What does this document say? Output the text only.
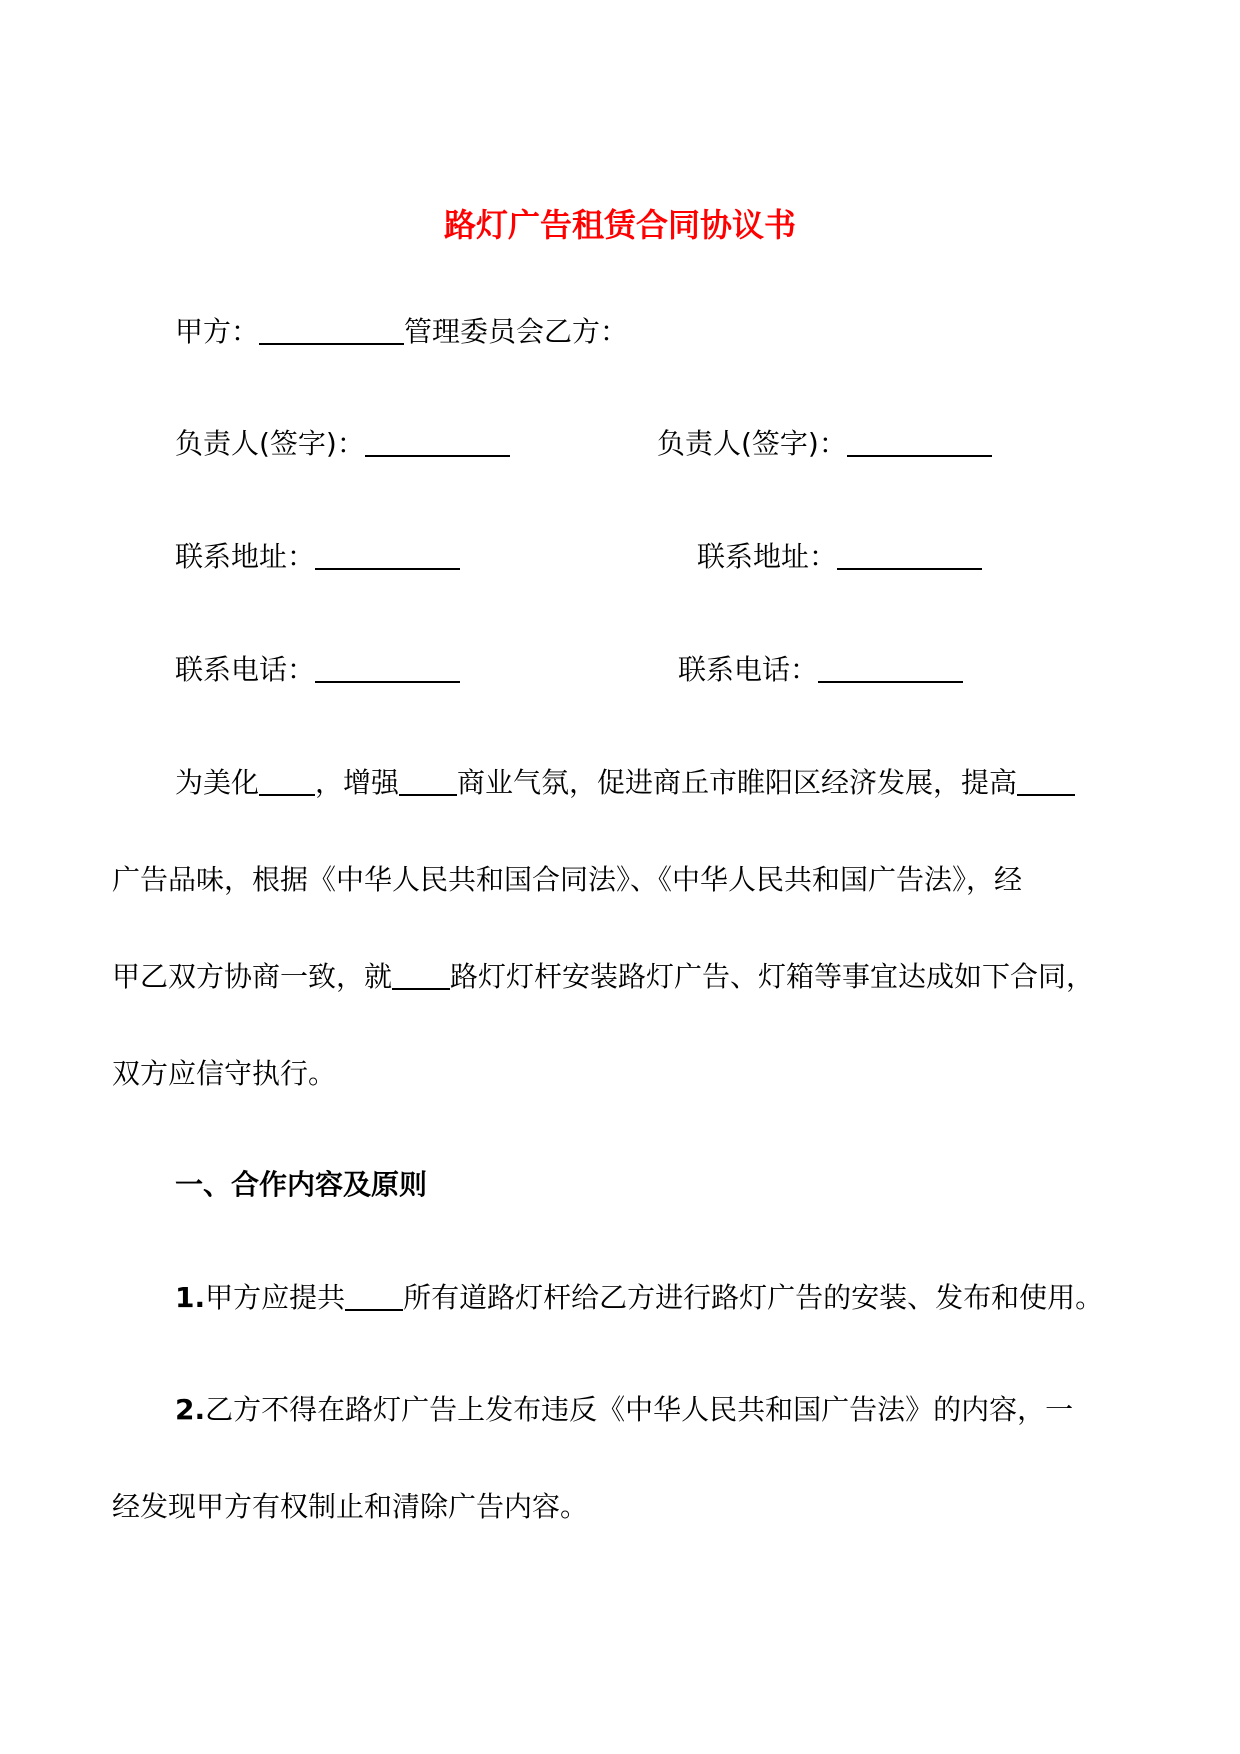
路灯广告租赁合同协议书
甲方：	管理委员会乙方：
负责人(签字)：	负责人(签字)：
联系地址：	联系地址：
联系电话：	联系电话：
为美化 ，增强 商业气氛，促进商丘市睢阳区经济发展，提高
广告品味，根据《中华人民共和国合同法》、《中华人民共和国广告法》，经
甲乙双方协商一致，就 路灯灯杆安装路灯广告、灯箱等事宜达成如下合同，
双方应信守执行。
一、合作内容及原则
1.甲方应提共 所有道路灯杆给乙方进行路灯广告的安装、发布和使用。
2.乙方不得在路灯广告上发布违反《中华人民共和国广告法》的内容，一
经发现甲方有权制止和清除广告内容。
